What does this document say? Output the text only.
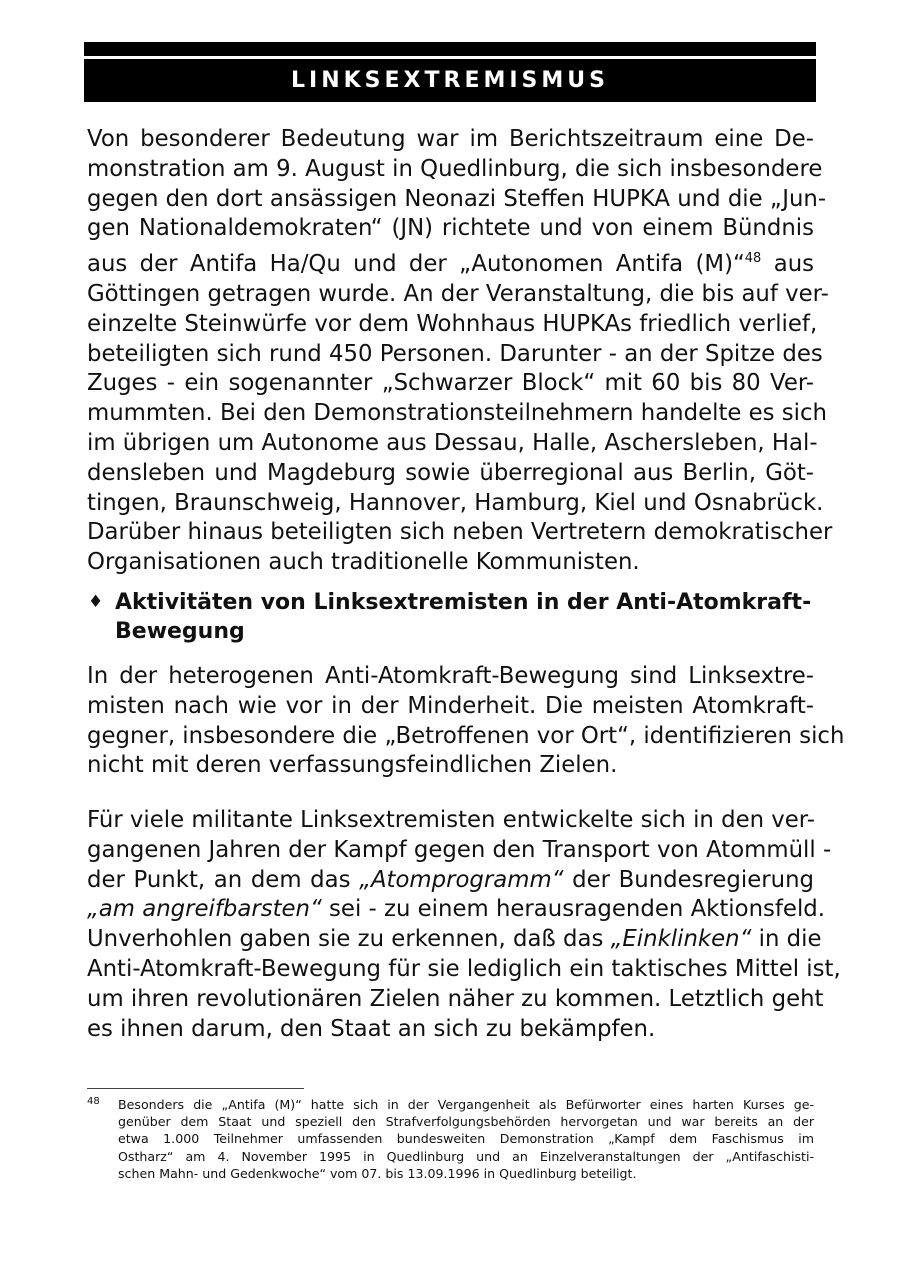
LINKSEXTREMISMUS
Von besonderer Bedeutung war im Berichtszeitraum eine De-
monstration am 9. August in Quedlinburg, die sich insbesondere
gegen den dort ansässigen Neonazi Steffen HUPKA und die „Jun-
gen Nationaldemokraten“ (JN) richtete und von einem Bündnis
aus der Antifa Ha/Qu und der „Autonomen Antifa (M)“$^{48}$ aus
Göttingen getragen wurde. An der Veranstaltung, die bis auf ver-
einzelte Steinwürfe vor dem Wohnhaus HUPKAs friedlich verlief,
beteiligten sich rund 450 Personen. Darunter - an der Spitze des
Zuges - ein sogenannter „Schwarzer Block“ mit 60 bis 80 Ver-
mummten. Bei den Demonstrationsteilnehmern handelte es sich
im übrigen um Autonome aus Dessau, Halle, Aschersleben, Hal-
densleben und Magdeburg sowie überregional aus Berlin, Göt-
tingen, Braunschweig, Hannover, Hamburg, Kiel und Osnabrück.
Darüber hinaus beteiligten sich neben Vertretern demokratischer
Organisationen auch traditionelle Kommunisten.
♦ Aktivitäten von Linksextremisten in der Anti-Atomkraft-
Bewegung
In der heterogenen Anti-Atomkraft-Bewegung sind Linksextre-
misten nach wie vor in der Minderheit. Die meisten Atomkraft-
gegner, insbesondere die „Betroffenen vor Ort“, identifizieren sich
nicht mit deren verfassungsfeindlichen Zielen.
Für viele militante Linksextremisten entwickelte sich in den ver-
gangenen Jahren der Kampf gegen den Transport von Atommüll -
der Punkt, an dem das „Atomprogramm“ der Bundesregierung
„am angreifbarsten“ sei - zu einem herausragenden Aktionsfeld.
Unverhohlen gaben sie zu erkennen, daß das „Einklinken“ in die
Anti-Atomkraft-Bewegung für sie lediglich ein taktisches Mittel ist,
um ihren revolutionären Zielen näher zu kommen. Letztlich geht
es ihnen darum, den Staat an sich zu bekämpfen.
48 Besonders die „Antifa (M)“ hatte sich in der Vergangenheit als Befürworter eines harten Kurses ge-
genüber dem Staat und speziell den Strafverfolgungsbehörden hervorgetan und war bereits an der
etwa 1.000 Teilnehmer umfassenden bundesweiten Demonstration „Kampf dem Faschismus im
Ostharz“ am 4. November 1995 in Quedlinburg und an Einzelveranstaltungen der „Antifaschisti-
schen Mahn- und Gedenkwoche“ vom 07. bis 13.09.1996 in Quedlinburg beteiligt.
